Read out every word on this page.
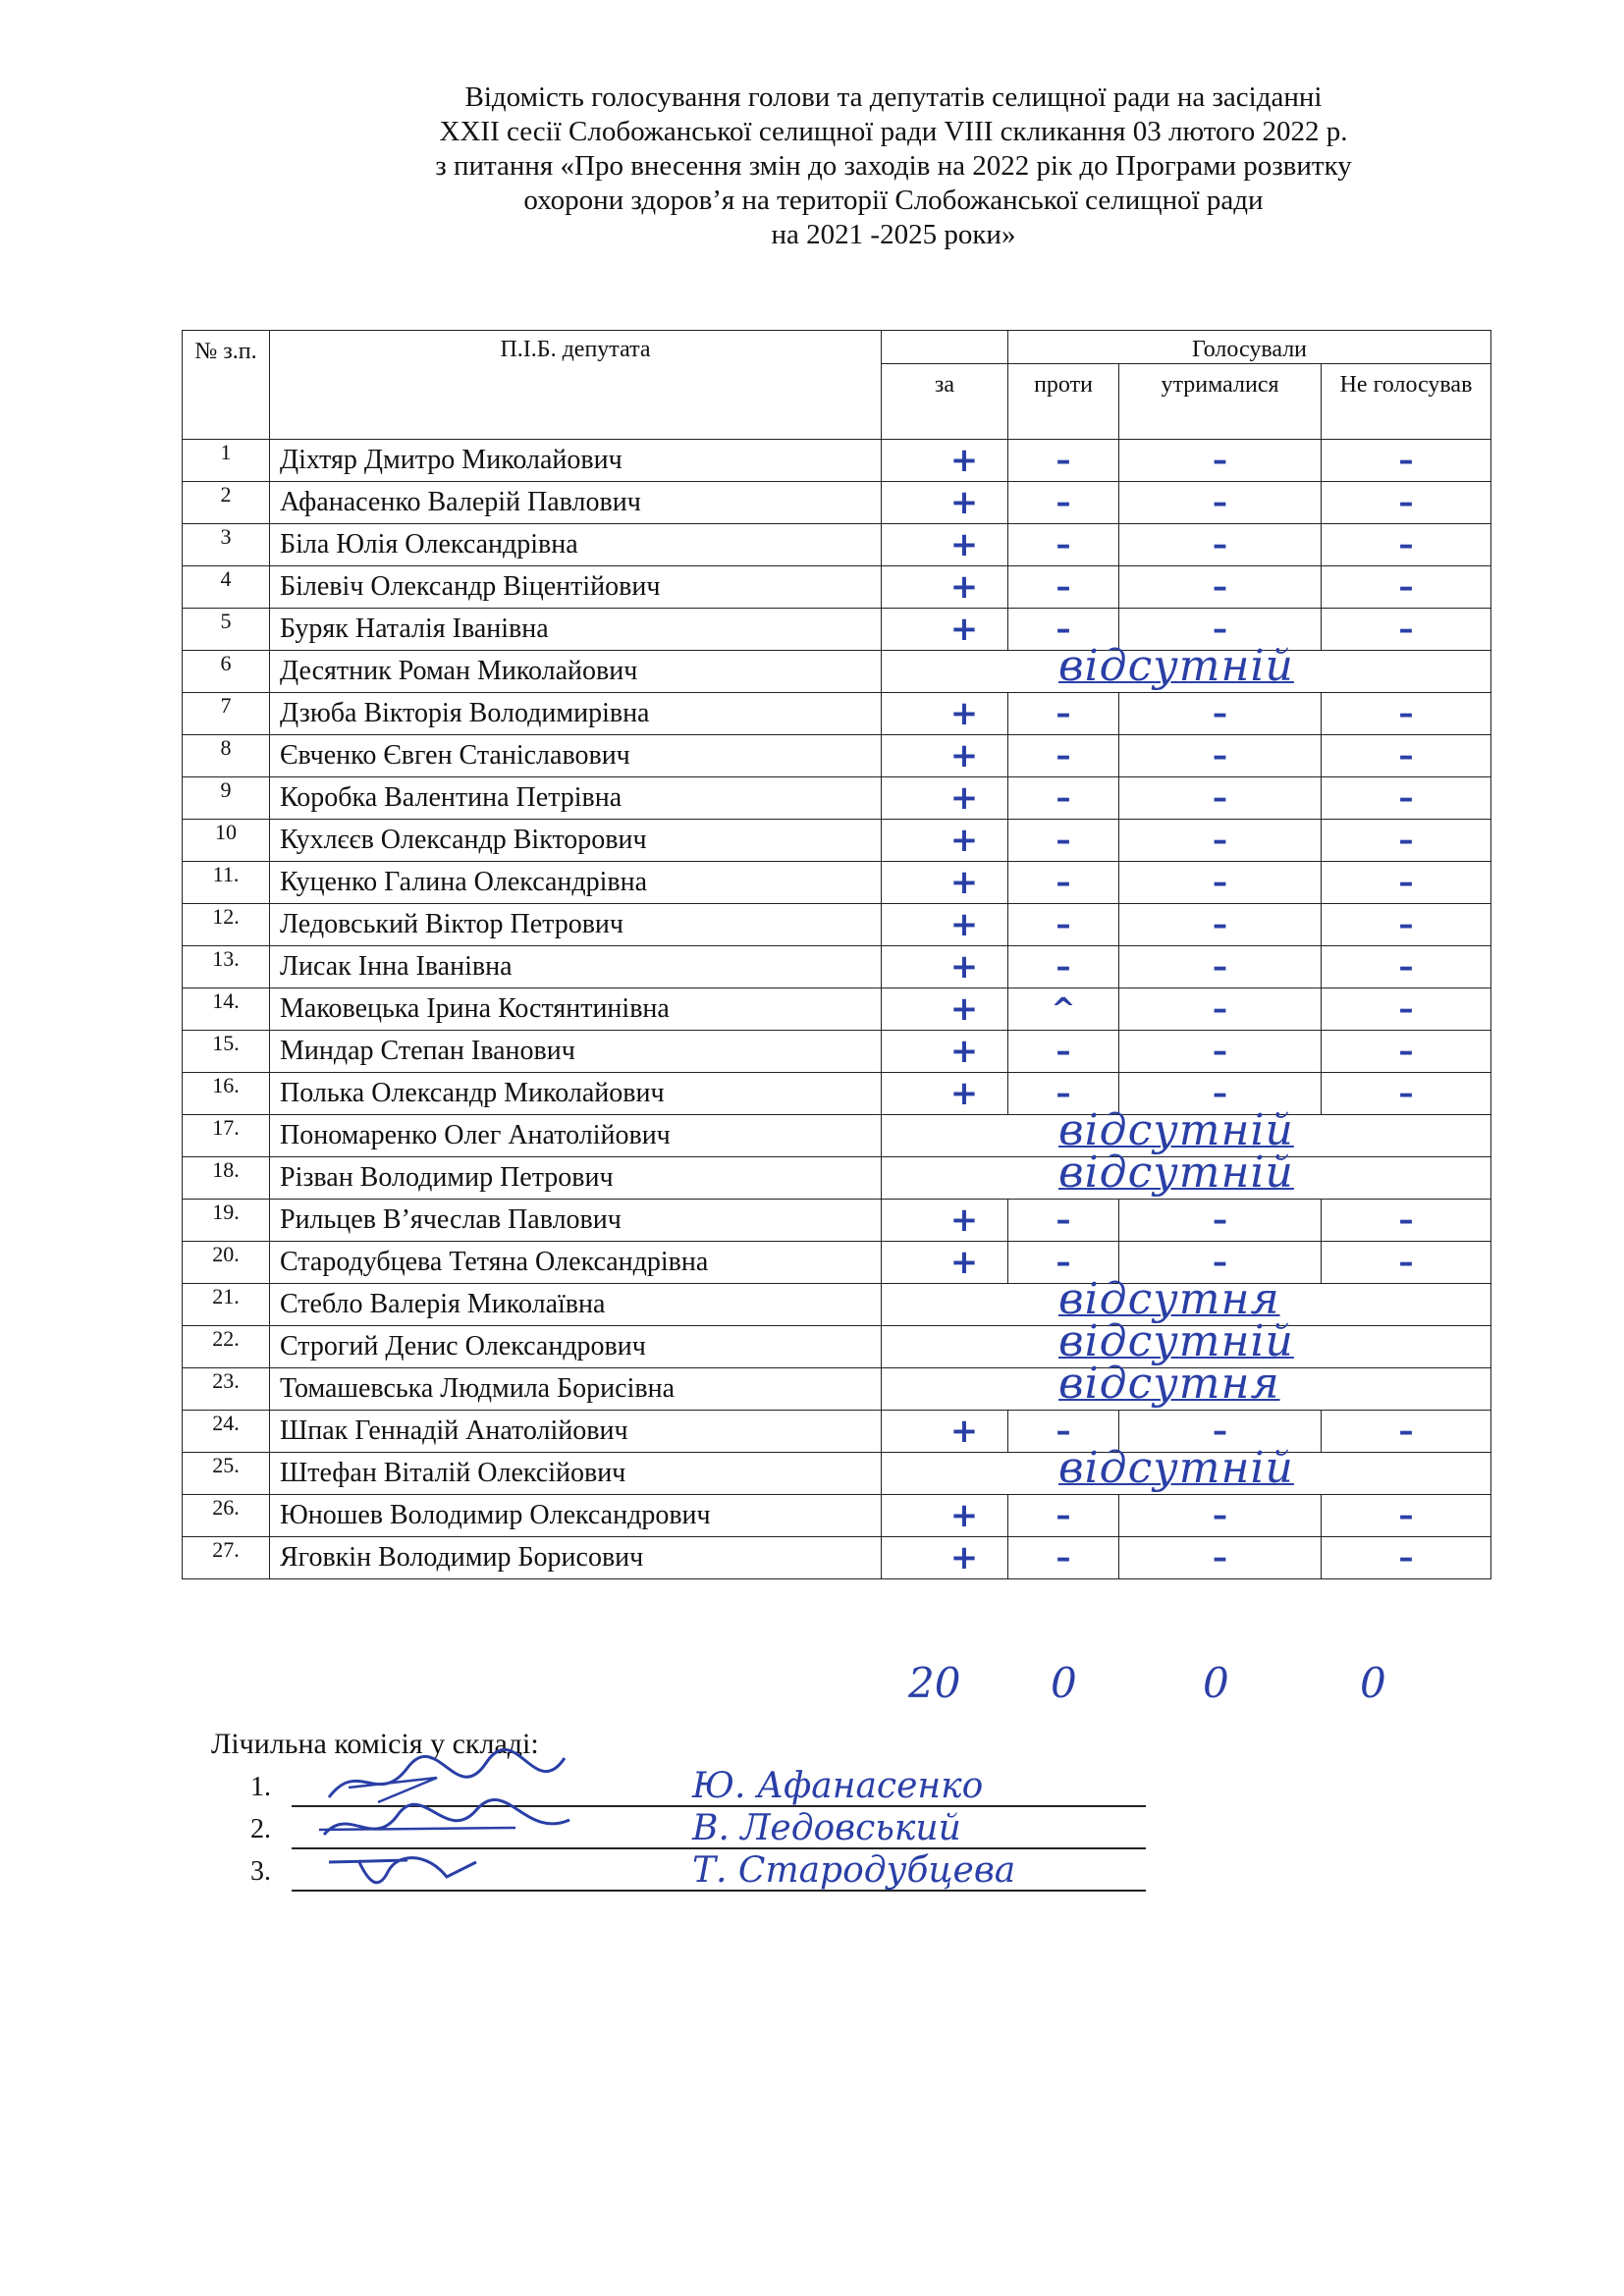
Відомість голосування голови та депутатів селищної ради на засіданні
XXII сесії Слобожанської селищної ради VIII скликання 03 лютого 2022 р.
з питання «Про внесення змін до заходів на 2022 рік до Програми розвитку
охорони здоров’я на території Слобожанської селищної ради
на 2021 -2025 роки»
№ з.п.	П.І.Б. депутата		Голосували		
		за	проти	утрималися	Не голосував
1	Діхтяр Дмитро Миколайович	+	–	–	–
2	Афанасенко Валерій Павлович	+	–	–	–
3	Біла Юлія Олександрівна	+	–	–	–
4	Білевіч Олександр Віцентійович	+	–	–	–
5	Буряк Наталія Іванівна	+	–	–	–
6	Десятник Роман Миколайович	відсутній			

7	Дзюба Вікторія Володимирівна	+	–	–	–
8	Євченко Євген Станіславович	+	–	–	–
9	Коробка Валентина Петрівна	+	–	–	–
10	Кухлєєв Олександр Вікторович	+	–	–	–
11.	Куценко Галина Олександрівна	+	–	–	–
12.	Ледовський Віктор Петрович	+	–	–	–
13.	Лисак Інна Іванівна	+	–	–	–
14.	Маковецька Ірина Костянтинівна	+	^	–	–
15.	Миндар Степан Іванович	+	–	–	–
16.	Полька Олександр Миколайович	+	–	–	–
17.	Пономаренко Олег Анатолійович	відсутній			

18.	Різван Володимир Петрович	відсутній			

19.	Рильцев В’ячеслав Павлович	+	–	–	–
20.	Стародубцева Тетяна Олександрівна	+	–	–	–
21.	Стебло Валерія Миколаївна	відсутня			

22.	Строгий Денис Олександрович	відсутній			

23.	Томашевська Людмила Борисівна	відсутня			

24.	Шпак Геннадій Анатолійович	+	–	–	–
25.	Штефан Віталій Олексійович	відсутній			

26.	Юношев Володимир Олександрович	+	–	–	–
27.	Яговкін Володимир Борисович	+	–	–	–
20 0	0	0
Лічильна комісія у складі:
1.	Ю. Афанасенко
2.	В. Ледовський
3.	Т. Стародубцева
